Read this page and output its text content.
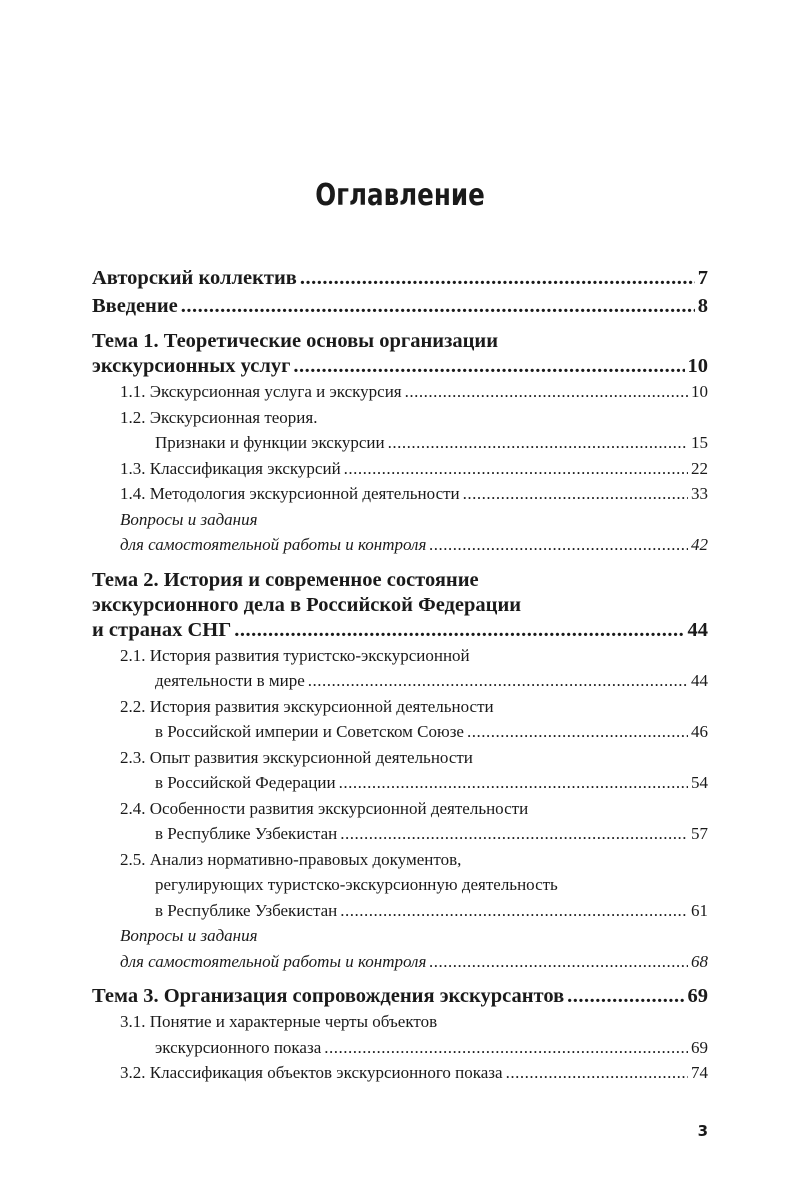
Оглавление
Авторский коллектив .....	7
Введение .....	8
Тема 1. Теоретические основы организации
экскурсионных услуг .....	10
1.1. Экскурсионная услуга и экскурсия .....	10
1.2. Экскурсионная теория.
Признаки и функции экскурсии .....	15
1.3. Классификация экскурсий .....	22
1.4. Методология экскурсионной деятельности .....	33
Вопросы и задания
для самостоятельной работы и контроля .....	42
Тема 2. История и современное состояние
экскурсионного дела в Российской Федерации
и странах СНГ .....	44
2.1. История развития туристско-экскурсионной
деятельности в мире .....	44
2.2. История развития экскурсионной деятельности
в Российской империи и Советском Союзе .....	46
2.3. Опыт развития экскурсионной деятельности
в Российской Федерации .....	54
2.4. Особенности развития экскурсионной деятельности
в Республике Узбекистан .....	57
2.5. Анализ нормативно-правовых документов,
регулирующих туристско-экскурсионную деятельность
в Республике Узбекистан .....	61
Вопросы и задания
для самостоятельной работы и контроля .....	68
Тема 3. Организация сопровождения экскурсантов .....	69
3.1. Понятие и характерные черты объектов
экскурсионного показа .....	69
3.2. Классификация объектов экскурсионного показа .....	74
3
